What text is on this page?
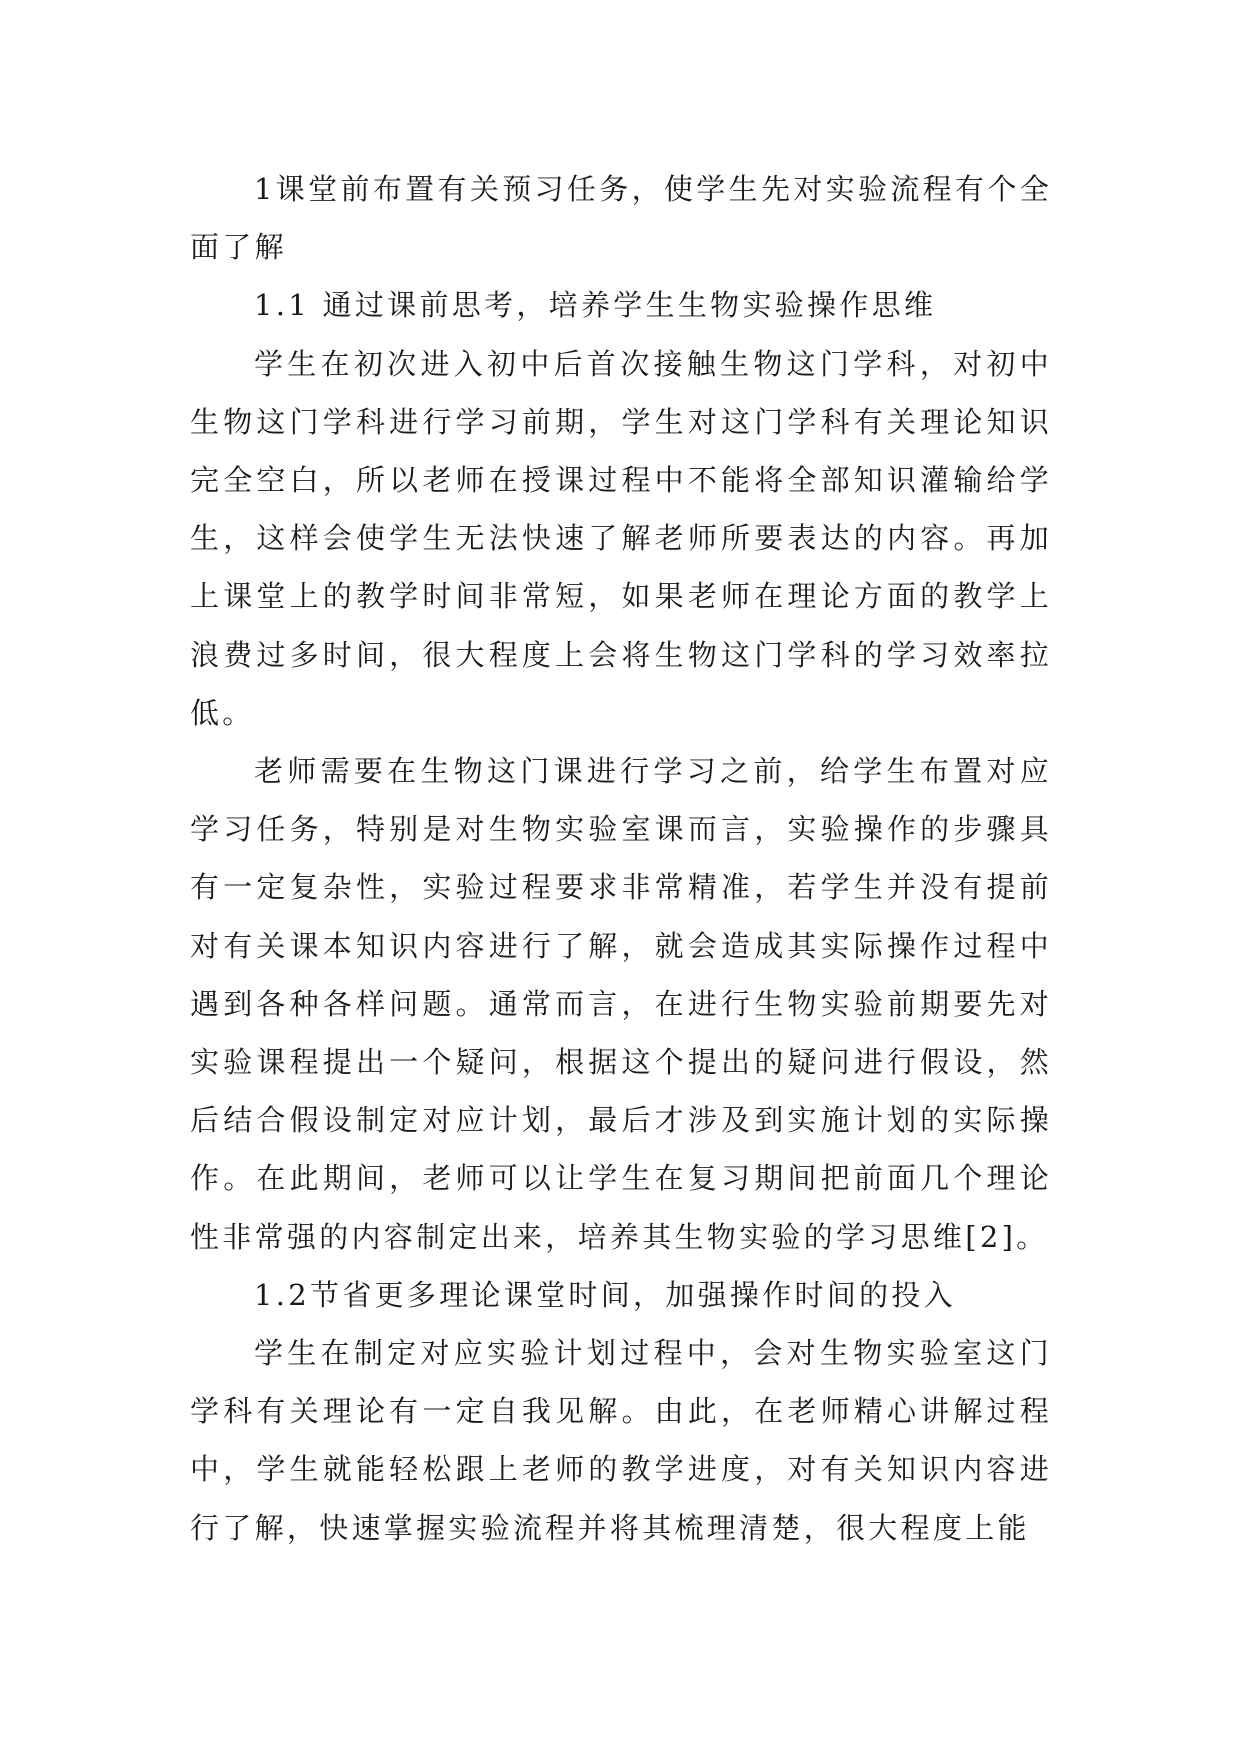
1课堂前布置有关预习任务，使学生先对实验流程有个全面了解

1.1 通过课前思考，培养学生生物实验操作思维

学生在初次进入初中后首次接触生物这门学科，对初中生物这门学科进行学习前期，学生对这门学科有关理论知识完全空白，所以老师在授课过程中不能将全部知识灌输给学生，这样会使学生无法快速了解老师所要表达的内容。再加上课堂上的教学时间非常短，如果老师在理论方面的教学上浪费过多时间，很大程度上会将生物这门学科的学习效率拉低。

老师需要在生物这门课进行学习之前，给学生布置对应学习任务，特别是对生物实验室课而言，实验操作的步骤具有一定复杂性，实验过程要求非常精准，若学生并没有提前对有关课本知识内容进行了解，就会造成其实际操作过程中遇到各种各样问题。通常而言，在进行生物实验前期要先对实验课程提出一个疑问，根据这个提出的疑问进行假设，然后结合假设制定对应计划，最后才涉及到实施计划的实际操作。在此期间，老师可以让学生在复习期间把前面几个理论性非常强的内容制定出来，培养其生物实验的学习思维[2]。

1.2节省更多理论课堂时间，加强操作时间的投入

学生在制定对应实验计划过程中，会对生物实验室这门学科有关理论有一定自我见解。由此，在老师精心讲解过程中，学生就能轻松跟上老师的教学进度，对有关知识内容进行了解，快速掌握实验流程并将其梳理清楚，很大程度上能
